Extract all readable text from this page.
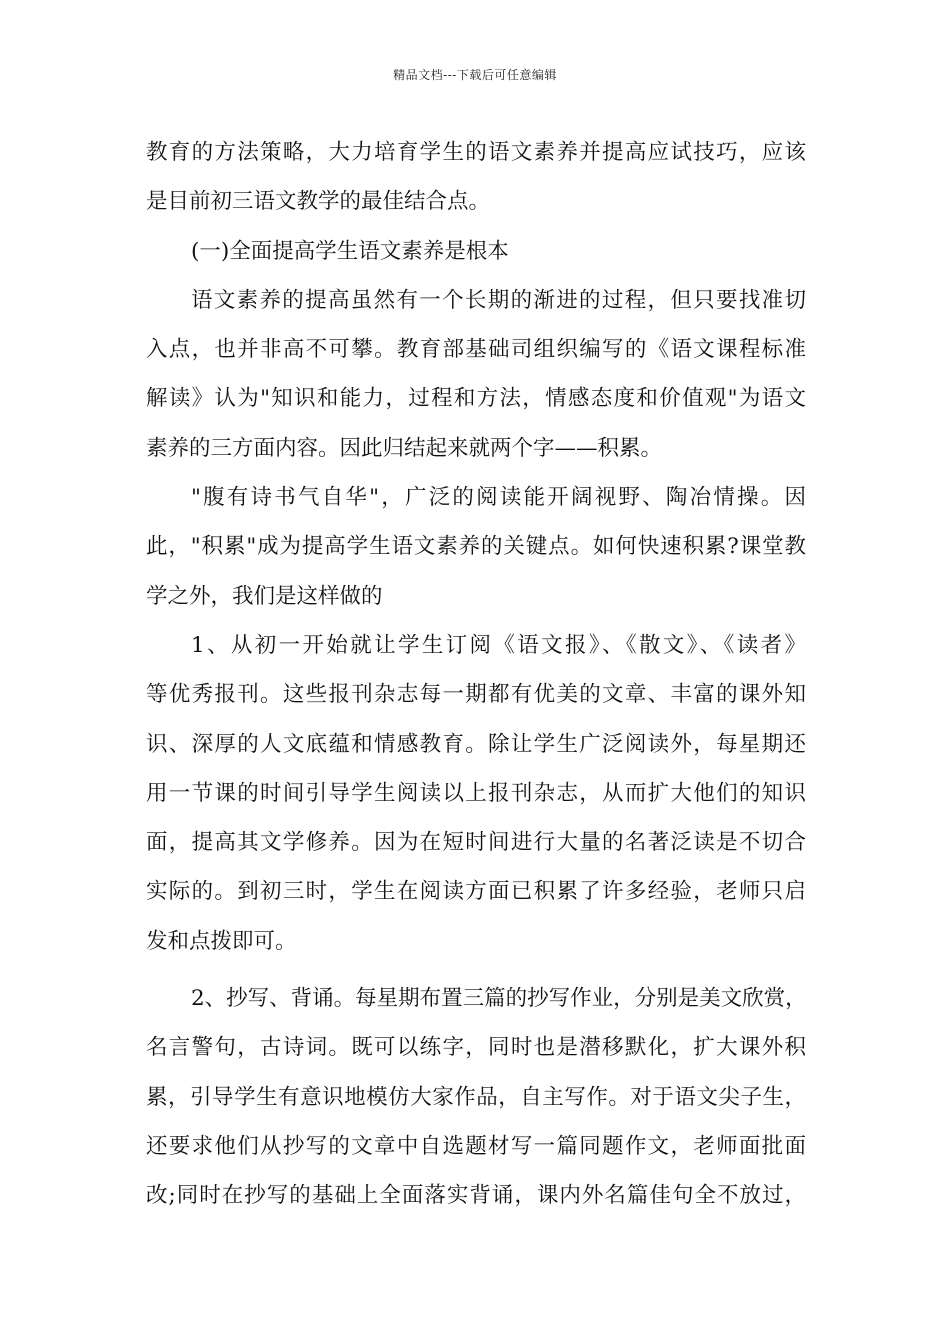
精品文档---下载后可任意编辑
教育的方法策略，大力培育学生的语文素养并提高应试技巧，应该
是目前初三语文教学的最佳结合点。
(一)全面提高学生语文素养是根本
语文素养的提高虽然有一个长期的渐进的过程，但只要找准切
入点，也并非高不可攀。教育部基础司组织编写的《语文课程标准
解读》认为"知识和能力，过程和方法，情感态度和价值观"为语文
素养的三方面内容。因此归结起来就两个字——积累。
"腹有诗书气自华"，广泛的阅读能开阔视野、陶冶情操。因
此，"积累"成为提高学生语文素养的关键点。如何快速积累?课堂教
学之外，我们是这样做的
1、从初一开始就让学生订阅《语文报》、《散文》、《读者》
等优秀报刊。这些报刊杂志每一期都有优美的文章、丰富的课外知
识、深厚的人文底蕴和情感教育。除让学生广泛阅读外，每星期还
用一节课的时间引导学生阅读以上报刊杂志，从而扩大他们的知识
面，提高其文学修养。因为在短时间进行大量的名著泛读是不切合
实际的。到初三时，学生在阅读方面已积累了许多经验，老师只启
发和点拨即可。
2、抄写、背诵。每星期布置三篇的抄写作业，分别是美文欣赏，
名言警句，古诗词。既可以练字，同时也是潜移默化，扩大课外积
累，引导学生有意识地模仿大家作品，自主写作。对于语文尖子生，
还要求他们从抄写的文章中自选题材写一篇同题作文，老师面批面
改;同时在抄写的基础上全面落实背诵，课内外名篇佳句全不放过，
